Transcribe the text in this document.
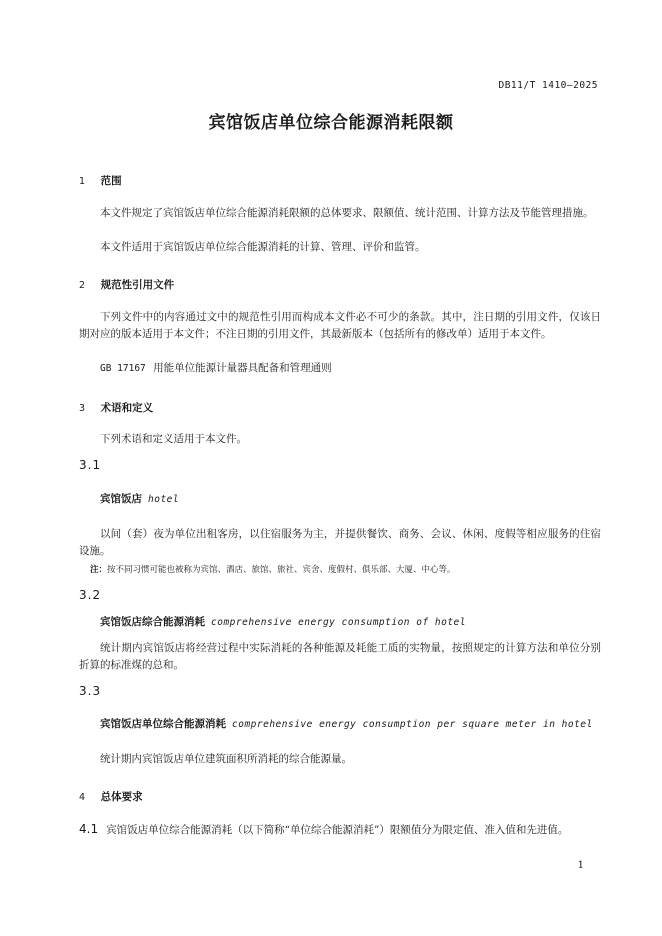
DB11/T 1410—2025
宾馆饭店单位综合能源消耗限额
1 范围
本文件规定了宾馆饭店单位综合能源消耗限额的总体要求、限额值、统计范围、计算方法及节能管理措施。
本文件适用于宾馆饭店单位综合能源消耗的计算、管理、评价和监管。
2 规范性引用文件
下列文件中的内容通过文中的规范性引用而构成本文件必不可少的条款。其中，注日期的引用文件，仅该日期对应的版本适用于本文件；不注日期的引用文件，其最新版本（包括所有的修改单）适用于本文件。
GB 17167 用能单位能源计量器具配备和管理通则
3 术语和定义
下列术语和定义适用于本文件。
3.1
宾馆饭店 hotel
以间（套）夜为单位出租客房，以住宿服务为主，并提供餐饮、商务、会议、休闲、度假等相应服务的住宿设施。
注：按不同习惯可能也被称为宾馆、酒店、旅馆、旅社、宾舍、度假村、俱乐部、大厦、中心等。
3.2
宾馆饭店综合能源消耗 comprehensive energy consumption of hotel
统计期内宾馆饭店将经营过程中实际消耗的各种能源及耗能工质的实物量，按照规定的计算方法和单位分别折算的标准煤的总和。
3.3
宾馆饭店单位综合能源消耗 comprehensive energy consumption per square meter in hotel
统计期内宾馆饭店单位建筑面积所消耗的综合能源量。
4 总体要求
4.1 宾馆饭店单位综合能源消耗（以下简称“单位综合能源消耗”）限额值分为限定值、准入值和先进值。
1
